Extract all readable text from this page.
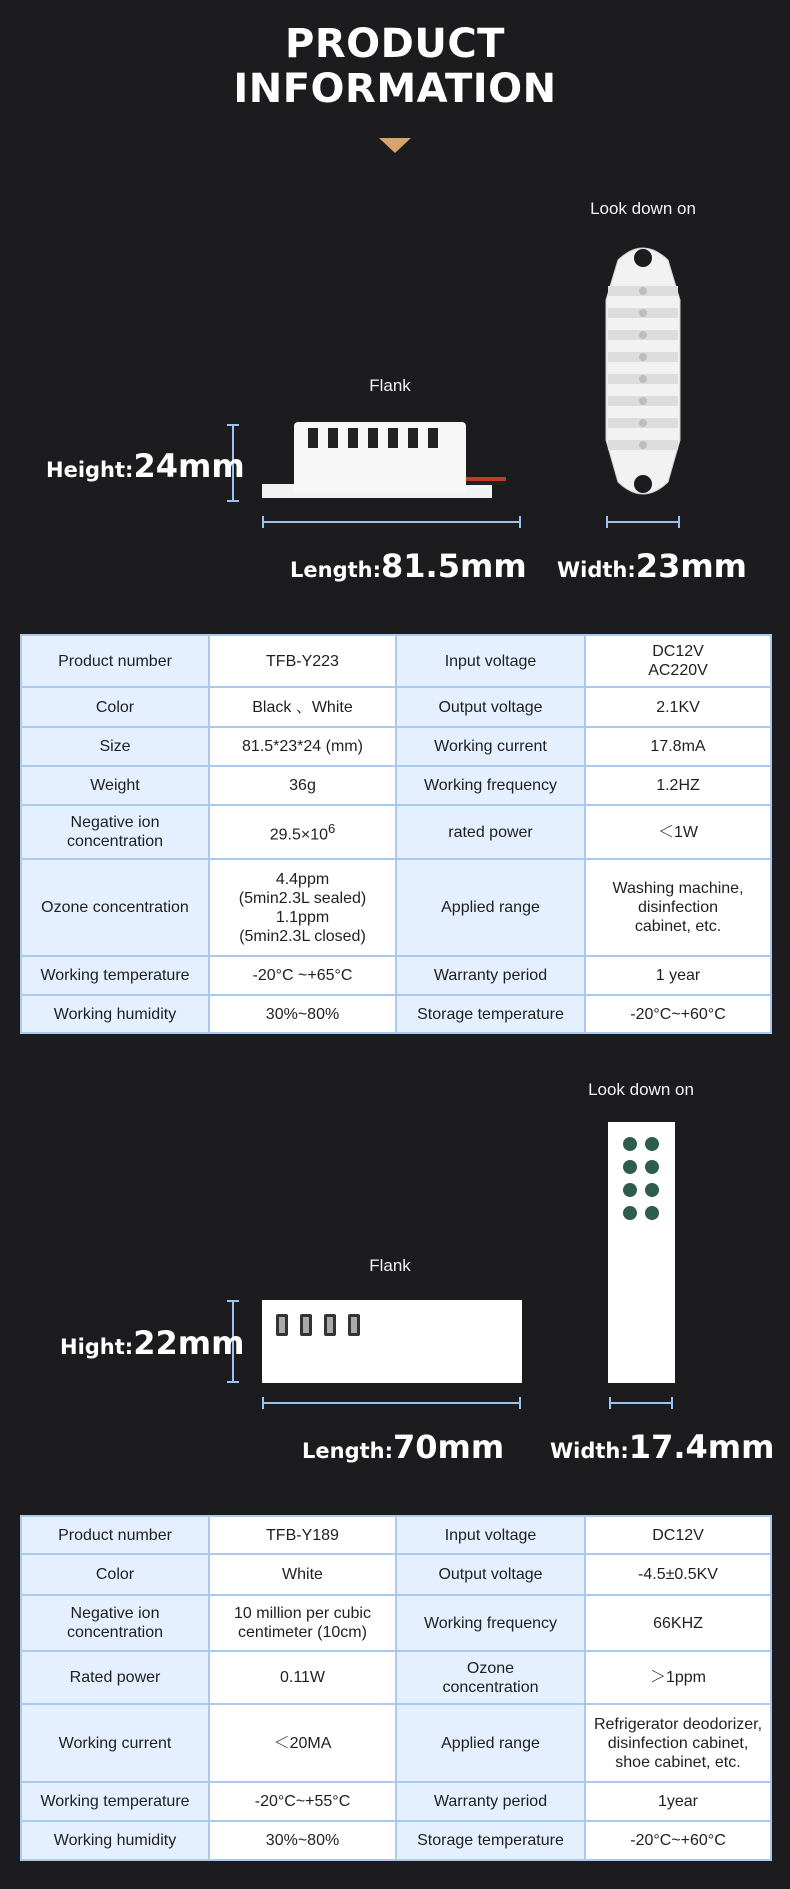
PRODUCT
INFORMATION
Look down on
Flank
Height : 24mm
Length : 81.5mm Width : 23mm
Product number	TFB-Y223	Input voltage	DC12V
AC220V
Color	Black 、White	Output voltage	2.1KV
Size	81.5*23*24 (mm)	Working current	17.8mA
Weight	36g	Working frequency	1.2HZ
Negative ion
concentration	$29.5\times 10^6$	rated power	＜1W
Ozone concentration	4.4ppm
(5min2.3L sealed)
1.1ppm
(5min2.3L closed)	Applied range	Washing machine,
disinfection
cabinet, etc.
Working temperature	-20°C ~+65°C	Warranty period	1 year
Working humidity	30%~80%	Storage temperature	-20°C~+60°C
Look down on
Flank
Hight : 22mm
Length : 70mm Width : 17.4mm
Product number	TFB-Y189	Input voltage	DC12V
Color	White	Output voltage	-4.5±0.5KV
Negative ion
concentration	10 million per cubic
centimeter (10cm)	Working frequency	66KHZ
Rated power	0.11W	Ozone
concentration	＞1ppm
Working current	＜20MA	Applied range	Refrigerator deodorizer,
disinfection cabinet,
shoe cabinet, etc.
Working temperature	-20°C~+55°C	Warranty period	1year
Working humidity	30%~80%	Storage temperature	-20°C~+60°C
